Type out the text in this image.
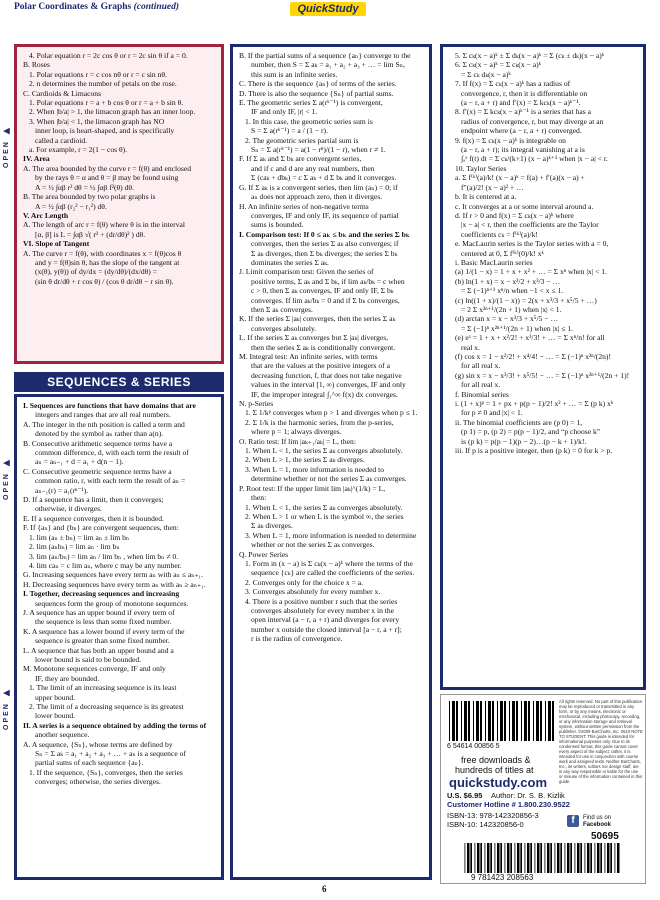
Polar Coordinates & Graphs (continued)	QuickStudy
OPEN ▶
OPEN ▶
OPEN ▶
4. Polar equation r = 2c cos θ or r = 2c sin θ if a = 0.
B. Roses
1. Polar equations r = c cos nθ or r = c sin nθ.
2. n determines the number of petals on the rose.
C. Cardioids & Limacons
1. Polar equations r = a + b cos θ or r = a + b sin θ.
2. When |b/a| > 1, the limacon graph has an inner loop.
3. When |b/a| < 1, the limacon graph has NO
inner loop, is heart-shaped, and is specifically
called a cardioid.
a. For example, r = 2(1 − cos θ).
IV. Area
A. The area bounded by the curve r = f(θ) and enclosed
by the rays θ = α and θ = β may be found using
A = ½ ∫αβ r² dθ = ½ ∫αβ f²(θ) dθ.
B. The area bounded by two polar graphs is
A = ½ ∫αβ (r₂² − r₁²) dθ.
V. Arc Length
A. The length of arc r = f(θ) where θ is in the interval
[α, β] is L = ∫αβ √( r² + (dr/dθ)² ) dθ.
VI. Slope of Tangent
A. The curve r = f(θ), with coordinates x = f(θ)cos θ
and y = f(θ)sin θ, has the slope of the tangent at
(x(θ), y(θ)) of dy/dx = (dy/dθ)/(dx/dθ) =
(sin θ dr/dθ + r cos θ) / (cos θ dr/dθ − r sin θ).
SEQUENCES & SERIES
I. Sequences are functions that have domains that are
integers and ranges that are all real numbers.
A. The integer in the nth position is called a term and
denoted by the symbol aₙ rather than a(n).
B. Consecutive arithmetic sequence terms have a
common difference, d, with each term the result of
aₙ = aₙ₋₁ + d = a₁ + d(n − 1).
C. Consecutive geometric sequence terms have a
common ratio, r, with each term the result of aₙ =
aₙ₋₁(r) = a₁(rⁿ⁻¹).
D. If a sequence has a limit, then it converges;
otherwise, it diverges.
E. If a sequence converges, then it is bounded.
F. If {aₙ} and {bₙ} are convergent sequences, then:
1. lim (aₙ ± bₙ) = lim aₙ ± lim bₙ
2. lim (aₙbₙ) = lim aₙ · lim bₙ
3. lim (aₙ/bₙ) = lim aₙ / lim bₙ , when lim bₙ ≠ 0.
4. lim caₙ = c lim aₙ, where c may be any number.
G. Increasing sequences have every term aₙ with aₙ ≤ aₙ₊₁.
H. Decreasing sequences have every term aₙ with aₙ ≥ aₙ₊₁.
I. Together, decreasing sequences and increasing
sequences form the group of monotone sequences.
J. A sequence has an upper bound if every term of
the sequence is less than some fixed number.
K. A sequence has a lower bound if every term of the
sequence is greater than some fixed number.
L. A sequence that has both an upper bound and a
lower bound is said to be bounded.
M. Monotone sequences converge, IF and only
IF, they are bounded.
1. The limit of an increasing sequence is its least
upper bound.
2. The limit of a decreasing sequence is its greatest
lower bound.
II. A series is a sequence obtained by adding the terms of
another sequence.
A. A sequence, {Sₙ}, whose terms are defined by
Sₙ = Σ aₖ = a₁ + a₂ + a₃ + … + aₙ is a sequence of
partial sums of each sequence {aₙ}.
1. If the sequence, {Sₙ}, converges, then the series
converges; otherwise, the series diverges.
B. If the partial sums of a sequence {aₙ} converge to the
number, then S = Σ aₖ = a₁ + a₂ + a₃ + … = lim Sₙ,
this sum is an infinite series.
C. There is the sequence {aₙ} of terms of the series.
D. There is also the sequence {Sₙ} of partial sums.
E. The geometric series Σ a(rᵏ⁻¹) is convergent,
IF and only IF, |r| < 1.
1. In this case, the geometric series sum is
S = Σ a(rᵏ⁻¹) = a / (1 − r).
2. The geometric series partial sum is
Sₙ = Σ a(rᵏ⁻¹) = a(1 − rⁿ)/(1 − r), when r ≠ 1.
F. If Σ aₖ and Σ bₖ are convergent series,
and if c and d are any real numbers, then
Σ (caₖ + dbₖ) = c Σ aₖ + d Σ bₖ and it converges.
G. If Σ aₖ is a convergent series, then lim (aₙ) = 0; if
aₙ does not approach zero, then it diverges.
H. An infinite series of non-negative terms
converges, IF and only IF, its sequence of partial
sums is bounded.
I. Comparison test: If 0 ≤ aₖ ≤ bₖ and the series Σ bₖ
converges, then the series Σ aₖ also converges; if
Σ aₖ diverges, then Σ bₖ diverges; the series Σ bₖ
dominates the series Σ aₖ.
J. Limit comparison test: Given the series of
positive terms, Σ aₖ and Σ bₖ, if lim aₖ/bₖ = c when
c > 0, then Σ aₖ converges, IF and only IF, Σ bₖ
converges. If lim aₖ/bₖ = 0 and if Σ bₖ converges,
then Σ aₖ converges.
K. If the series Σ |aₖ| converges, then the series Σ aₖ
converges absolutely.
L. If the series Σ aₖ converges but Σ |aₖ| diverges,
then the series Σ aₖ is conditionally convergent.
M. Integral test: An infinite series, with terms
that are the values at the positive integers of a
decreasing function, f, that does not take negative
values in the interval [1, ∞) converges, IF and only
IF, the improper integral ∫₁^∞ f(x) dx converges.
N. p-Series
1. Σ 1/kᵖ converges when p > 1 and diverges when p ≤ 1.
2. Σ 1/k is the harmonic series, from the p-series,
where p = 1; always diverges.
O. Ratio test: If lim |aₖ₊₁/aₖ| = L, then:
1. When L < 1, the series Σ aₖ converges absolutely.
2. When L > 1, the series Σ aₖ diverges.
3. When L = 1, more information is needed to
determine whether or not the series Σ aₖ converges.
P. Root test: If the upper limit lim |aₖ|^(1/k) = L,
then:
1. When L < 1, the series Σ aₖ converges absolutely.
2. When L > 1 or when L is the symbol ∞, the series
Σ aₖ diverges.
3. When L = 1, more information is needed to determine
whether or not the series Σ aₖ converges.
Q. Power Series
1. Form in (x − a) is Σ cₖ(x − a)ᵏ where the terms of the
sequence {cₖ} are called the coefficients of the series.
2. Converges only for the choice x = a.
3. Converges absolutely for every number x.
4. There is a positive number r such that the series
converges absolutely for every number x in the
open interval (a − r, a + r) and diverges for every
number x outside the closed interval [a − r, a + r];
r is the radius of convergence.
5. Σ cₖ(x − a)ᵏ ± Σ dₖ(x − a)ᵏ = Σ (cₖ ± dₖ)(x − a)ᵏ
6. Σ cₖ(x − a)ᵏ = Σ cₖ(x − a)ᵏ
= Σ cₖ dₖ(x − a)ᵏ
7. If f(x) = Σ cₖ(x − a)ᵏ has a radius of
convergence, r, then it is differentiable on
(a − r, a + r) and f′(x) = Σ kcₖ(x − a)ᵏ⁻¹.
8. f′(x) = Σ kcₖ(x − a)ᵏ⁻¹ is a series that has a
radius of convergence, r, but may diverge at an
endpoint where (a − r, a + r) converged.
9. f(x) = Σ cₖ(x − a)ᵏ is integrable on
(a − r, a + r); its integral vanishing at a is
∫ₐˣ f(t) dt = Σ cₖ/(k+1) (x − a)ᵏ⁺¹ when |x − a| < r.
10. Taylor Series
a. Σ f⁽ᵏ⁾(a)/k! (x − a)ᵏ = f(a) + f′(a)(x − a) +
f″(a)/2! (x − a)² + …
b. It is centered at a.
c. It converges at a or some interval around a.
d. If r > 0 and f(x) = Σ cₖ(x − a)ᵏ where
|x − a| < r, then the coefficients are the Taylor
coefficients cₖ = f⁽ᵏ⁾(a)/k!
e. MacLaurin series is the Taylor series with a = 0,
centered at 0, Σ f⁽ᵏ⁾(0)/k! xᵏ
i. Basic MacLaurin series
(a) 1/(1 − x) = 1 + x + x² + … = Σ xⁿ when |x| < 1.
(b) ln(1 + x) = x − x²/2 + x³/3 − …
= Σ (−1)ⁿ⁺¹ xⁿ/n when −1 < x ≤ 1.
(c) ln((1 + x)/(1 − x)) = 2(x + x³/3 + x⁵/5 + …)
= 2 Σ x²ⁿ⁺¹/(2n + 1) when |x| < 1.
(d) arctan x = x − x³/3 + x⁵/5 − …
= Σ (−1)ⁿ x²ⁿ⁺¹/(2n + 1) when |x| ≤ 1.
(e) eˣ = 1 + x + x²/2! + x³/3! + … = Σ xⁿ/n! for all
real x.
(f) cos x = 1 − x²/2! + x⁴/4! − … = Σ (−1)ⁿ x²ⁿ/(2n)!
for all real x.
(g) sin x = x − x³/3! + x⁵/5! − … = Σ (−1)ⁿ x²ⁿ⁺¹/(2n + 1)!
for all real x.
f. Binomial series
i. (1 + x)ᵖ = 1 + px + p(p − 1)/2! x² + … = Σ (p k) xᵏ
for p ≠ 0 and |x| < 1.
ii. The binomial coefficients are (p 0) = 1,
(p 1) = p, (p 2) = p(p − 1)/2, and “p choose k”
is (p k) = p(p − 1)(p − 2)…(p − k + 1)/k!.
iii. If p is a positive integer, then (p k) = 0 for k > p.
6 54614 00856 5
free downloads &
hundreds of titles at
quickstudy.com
U.S. $6.95 Author: Dr. S. B. Kizlik
Customer Hotline # 1.800.230.9522
ISBN-13: 978-142320856-3
ISBN-10: 142320856-0
All rights reserved. No part of this publication may be reproduced or transmitted in any form, or by any means, electronic or mechanical, including photocopy, recording, or any information storage and retrieval system, without written permission from the publisher. ©2009 BarCharts, Inc. 0510 NOTE TO STUDENT: This guide is intended for informational purposes only. Due to its condensed format, this guide cannot cover every aspect of the subject; rather, it is intended for use in conjunction with course work and assigned texts. Neither BarCharts, Inc., its writers, editors nor design staff, are in any way responsible or liable for the use or misuse of the information contained in this guide.
f	Find us on
Facebook
50695
9 781423 208563
6
